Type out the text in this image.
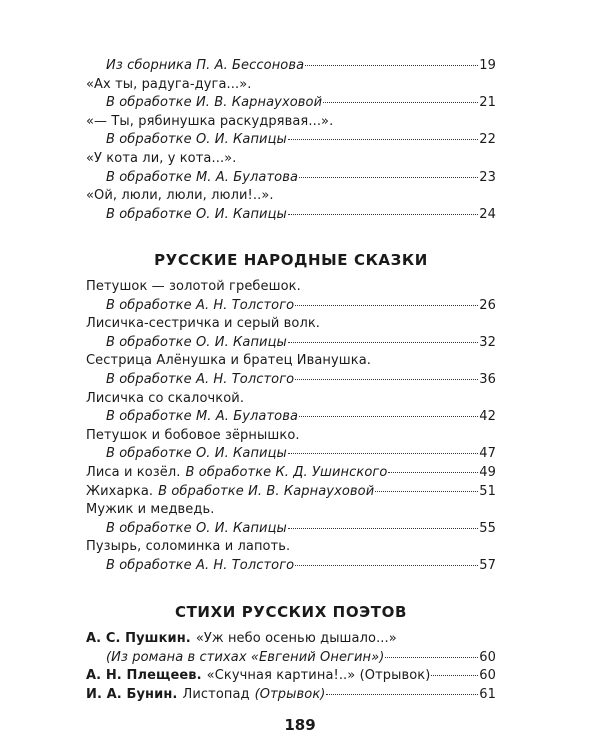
Из сборника П. А. Бессонова	19
«Ах ты, радуга-дуга...».
В обработке И. В. Карнауховой	21
«— Ты, рябинушка раскудрявая...».
В обработке О. И. Капицы	22
«У кота ли, у кота...».
В обработке М. А. Булатова	23
«Ой, люли, люли, люли!..».
В обработке О. И. Капицы	24
РУССКИЕ НАРОДНЫЕ СКАЗКИ
Петушок — золотой гребешок.
В обработке А. Н. Толстого	26
Лисичка-сестричка и серый волк.
В обработке О. И. Капицы	32
Сестрица Алёнушка и братец Иванушка.
В обработке А. Н. Толстого	36
Лисичка со скалочкой.
В обработке М. А. Булатова	42
Петушок и бобовое зёрнышко.
В обработке О. И. Капицы	47
Лиса и козёл. В обработке К. Д. Ушинского	49
Жихарка. В обработке И. В. Карнауховой	51
Мужик и медведь.
В обработке О. И. Капицы	55
Пузырь, соломинка и лапоть.
В обработке А. Н. Толстого	57
СТИХИ РУССКИХ ПОЭТОВ
А. С. Пушкин. «Уж небо осенью дышало...»
(Из романа в стихах «Евгений Онегин»)	60
А. Н. Плещеев. «Скучная картина!..» (Отрывок)	60
И. А. Бунин. Листопад (Отрывок)	61
189
